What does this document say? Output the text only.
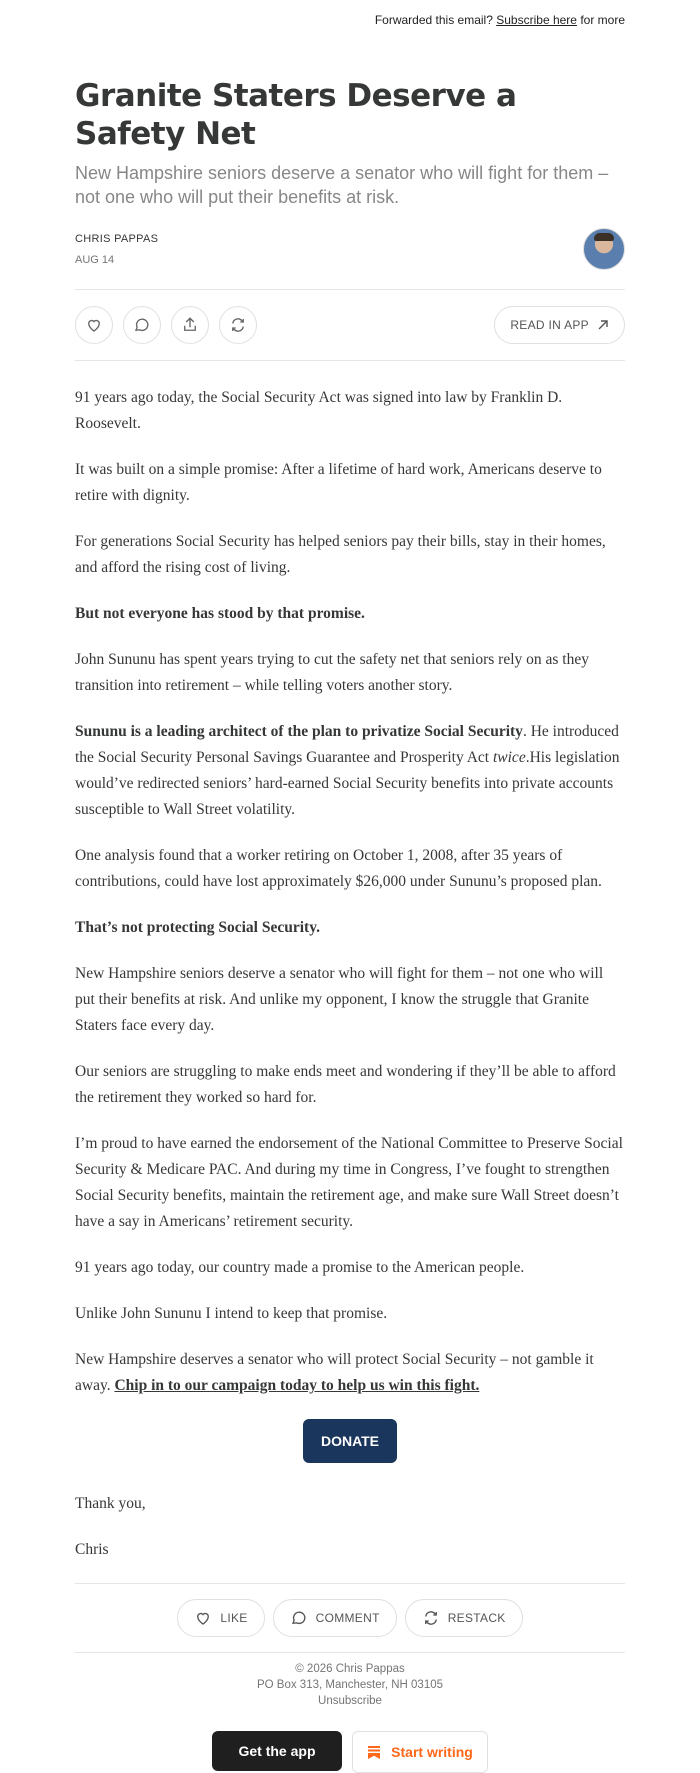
Forwarded this email? Subscribe here for more
Granite Staters Deserve a Safety Net
New Hampshire seniors deserve a senator who will fight for them – not one who will put their benefits at risk.
CHRIS PAPPAS
AUG 14
READ IN APP

91 years ago today, the Social Security Act was signed into law by Franklin D. Roosevelt.

It was built on a simple promise: After a lifetime of hard work, Americans deserve to retire with dignity.

For generations Social Security has helped seniors pay their bills, stay in their homes, and afford the rising cost of living.

But not everyone has stood by that promise.

John Sununu has spent years trying to cut the safety net that seniors rely on as they transition into retirement – while telling voters another story.

Sununu is a leading architect of the plan to privatize Social Security. He introduced the Social Security Personal Savings Guarantee and Prosperity Act twice.His legislation would’ve redirected seniors’ hard-earned Social Security benefits into private accounts susceptible to Wall Street volatility.

One analysis found that a worker retiring on October 1, 2008, after 35 years of contributions, could have lost approximately $26,000 under Sununu’s proposed plan.

That’s not protecting Social Security.

New Hampshire seniors deserve a senator who will fight for them – not one who will put their benefits at risk. And unlike my opponent, I know the struggle that Granite Staters face every day.

Our seniors are struggling to make ends meet and wondering if they’ll be able to afford the retirement they worked so hard for.

I’m proud to have earned the endorsement of the National Committee to Preserve Social Security & Medicare PAC. And during my time in Congress, I’ve fought to strengthen Social Security benefits, maintain the retirement age, and make sure Wall Street doesn’t have a say in Americans’ retirement security.

91 years ago today, our country made a promise to the American people.

Unlike John Sununu I intend to keep that promise.

New Hampshire deserves a senator who will protect Social Security – not gamble it away. Chip in to our campaign today to help us win this fight.

DONATE

Thank you,

Chris

LIKE	COMMENT	RESTACK
© 2026 Chris Pappas
PO Box 313, Manchester, NH 03105
Unsubscribe
Get the app	Start writing
